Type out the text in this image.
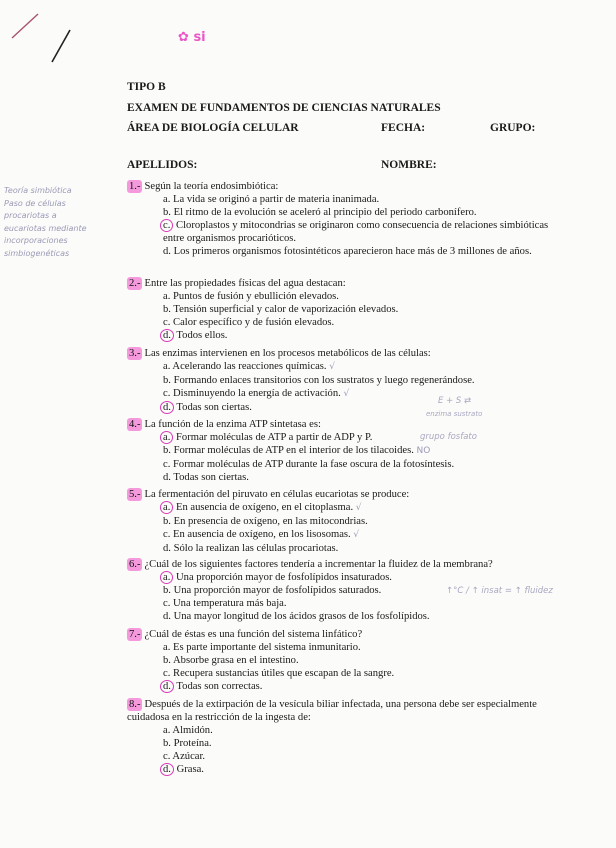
✿ si
TIPO B
EXAMEN DE FUNDAMENTOS DE CIENCIAS NATURALES
ÁREA DE BIOLOGÍA CELULAR	FECHA:	GRUPO:
APELLIDOS:	NOMBRE:
Teoría simbiótica
Paso de células
procariotas a
eucariotas mediante
incorporaciones
simbiogenéticas
1.- Según la teoría endosimbiótica:
a. La vida se originó a partir de materia inanimada.
b. El ritmo de la evolución se aceleró al principio del periodo carbonífero.
c. Cloroplastos y mitocondrias se originaron como consecuencia de relaciones simbióticas entre organismos procarióticos.
d. Los primeros organismos fotosintéticos aparecieron hace más de 3 millones de años.
2.- Entre las propiedades físicas del agua destacan:
a. Puntos de fusión y ebullición elevados.
b. Tensión superficial y calor de vaporización elevados.
c. Calor específico y de fusión elevados.
d. Todos ellos.
3.- Las enzimas intervienen en los procesos metabólicos de las células:
a. Acelerando las reacciones químicas. √
b. Formando enlaces transitorios con los sustratos y luego regenerándose.
c. Disminuyendo la energía de activación. √
d. Todas son ciertas.
E + S ⇄
enzima sustrato
4.- La función de la enzima ATP sintetasa es:
a. Formar moléculas de ATP a partir de ADP y P.
b. Formar moléculas de ATP en el interior de los tilacoides. NO
c. Formar moléculas de ATP durante la fase oscura de la fotosíntesis.
d. Todas son ciertas.
grupo fosfato
5.- La fermentación del piruvato en células eucariotas se produce:
a. En ausencia de oxígeno, en el citoplasma. √
b. En presencia de oxígeno, en las mitocondrias.
c. En ausencia de oxígeno, en los lisosomas. √
d. Sólo la realizan las células procariotas.
6.- ¿Cuál de los siguientes factores tendería a incrementar la fluidez de la membrana?
a. Una proporción mayor de fosfolípidos insaturados.
b. Una proporción mayor de fosfolípidos saturados.
c. Una temperatura más baja.
d. Una mayor longitud de los ácidos grasos de los fosfolípidos.
↑°C / ↑ insat = ↑ fluidez
7.- ¿Cuál de éstas es una función del sistema linfático?
a. Es parte importante del sistema inmunitario.
b. Absorbe grasa en el intestino.
c. Recupera sustancias útiles que escapan de la sangre.
d. Todas son correctas.
8.- Después de la extirpación de la vesícula biliar infectada, una persona debe ser especialmente cuidadosa en la restricción de la ingesta de:
a. Almidón.
b. Proteína.
c. Azúcar.
d. Grasa.
